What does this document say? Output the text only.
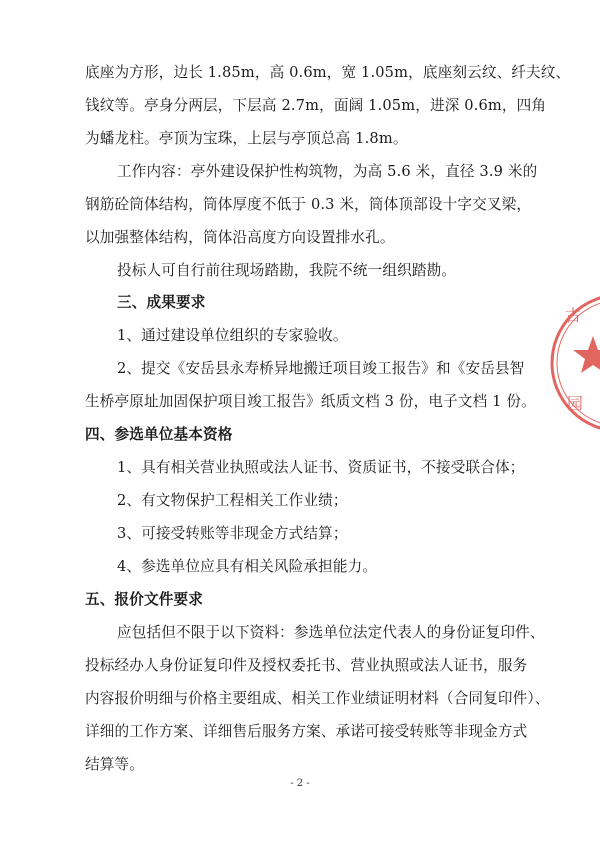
底座为方形，边长 1.85m，高 0.6m，宽 1.05m，底座刻云纹、纤夫纹、
钱纹等。亭身分两层，下层高 2.7m，面阔 1.05m，进深 0.6m，四角
为蟠龙柱。亭顶为宝珠，上层与亭顶总高 1.8m。
工作内容：亭外建设保护性构筑物，为高 5.6 米，直径 3.9 米的
钢筋砼筒体结构，筒体厚度不低于 0.3 米，筒体顶部设十字交叉梁，
以加强整体结构，筒体沿高度方向设置排水孔。
投标人可自行前往现场踏勘，我院不统一组织踏勘。
三、成果要求
1、通过建设单位组织的专家验收。
2、提交《安岳县永寿桥异地搬迁项目竣工报告》和《安岳县智
生桥亭原址加固保护项目竣工报告》纸质文档 3 份，电子文档 1 份。
四、参选单位基本资格
1、具有相关营业执照或法人证书、资质证书，不接受联合体；
2、有文物保护工程相关工作业绩；
3、可接受转账等非现金方式结算；
4、参选单位应具有相关风险承担能力。
五、报价文件要求
应包括但不限于以下资料：参选单位法定代表人的身份证复印件、
投标经办人身份证复印件及授权委托书、营业执照或法人证书，服务
内容报价明细与价格主要组成、相关工作业绩证明材料（合同复印件）、
详细的工作方案、详细售后服务方案、承诺可接受转账等非现金方式
结算等。
- 2 -
古
园
